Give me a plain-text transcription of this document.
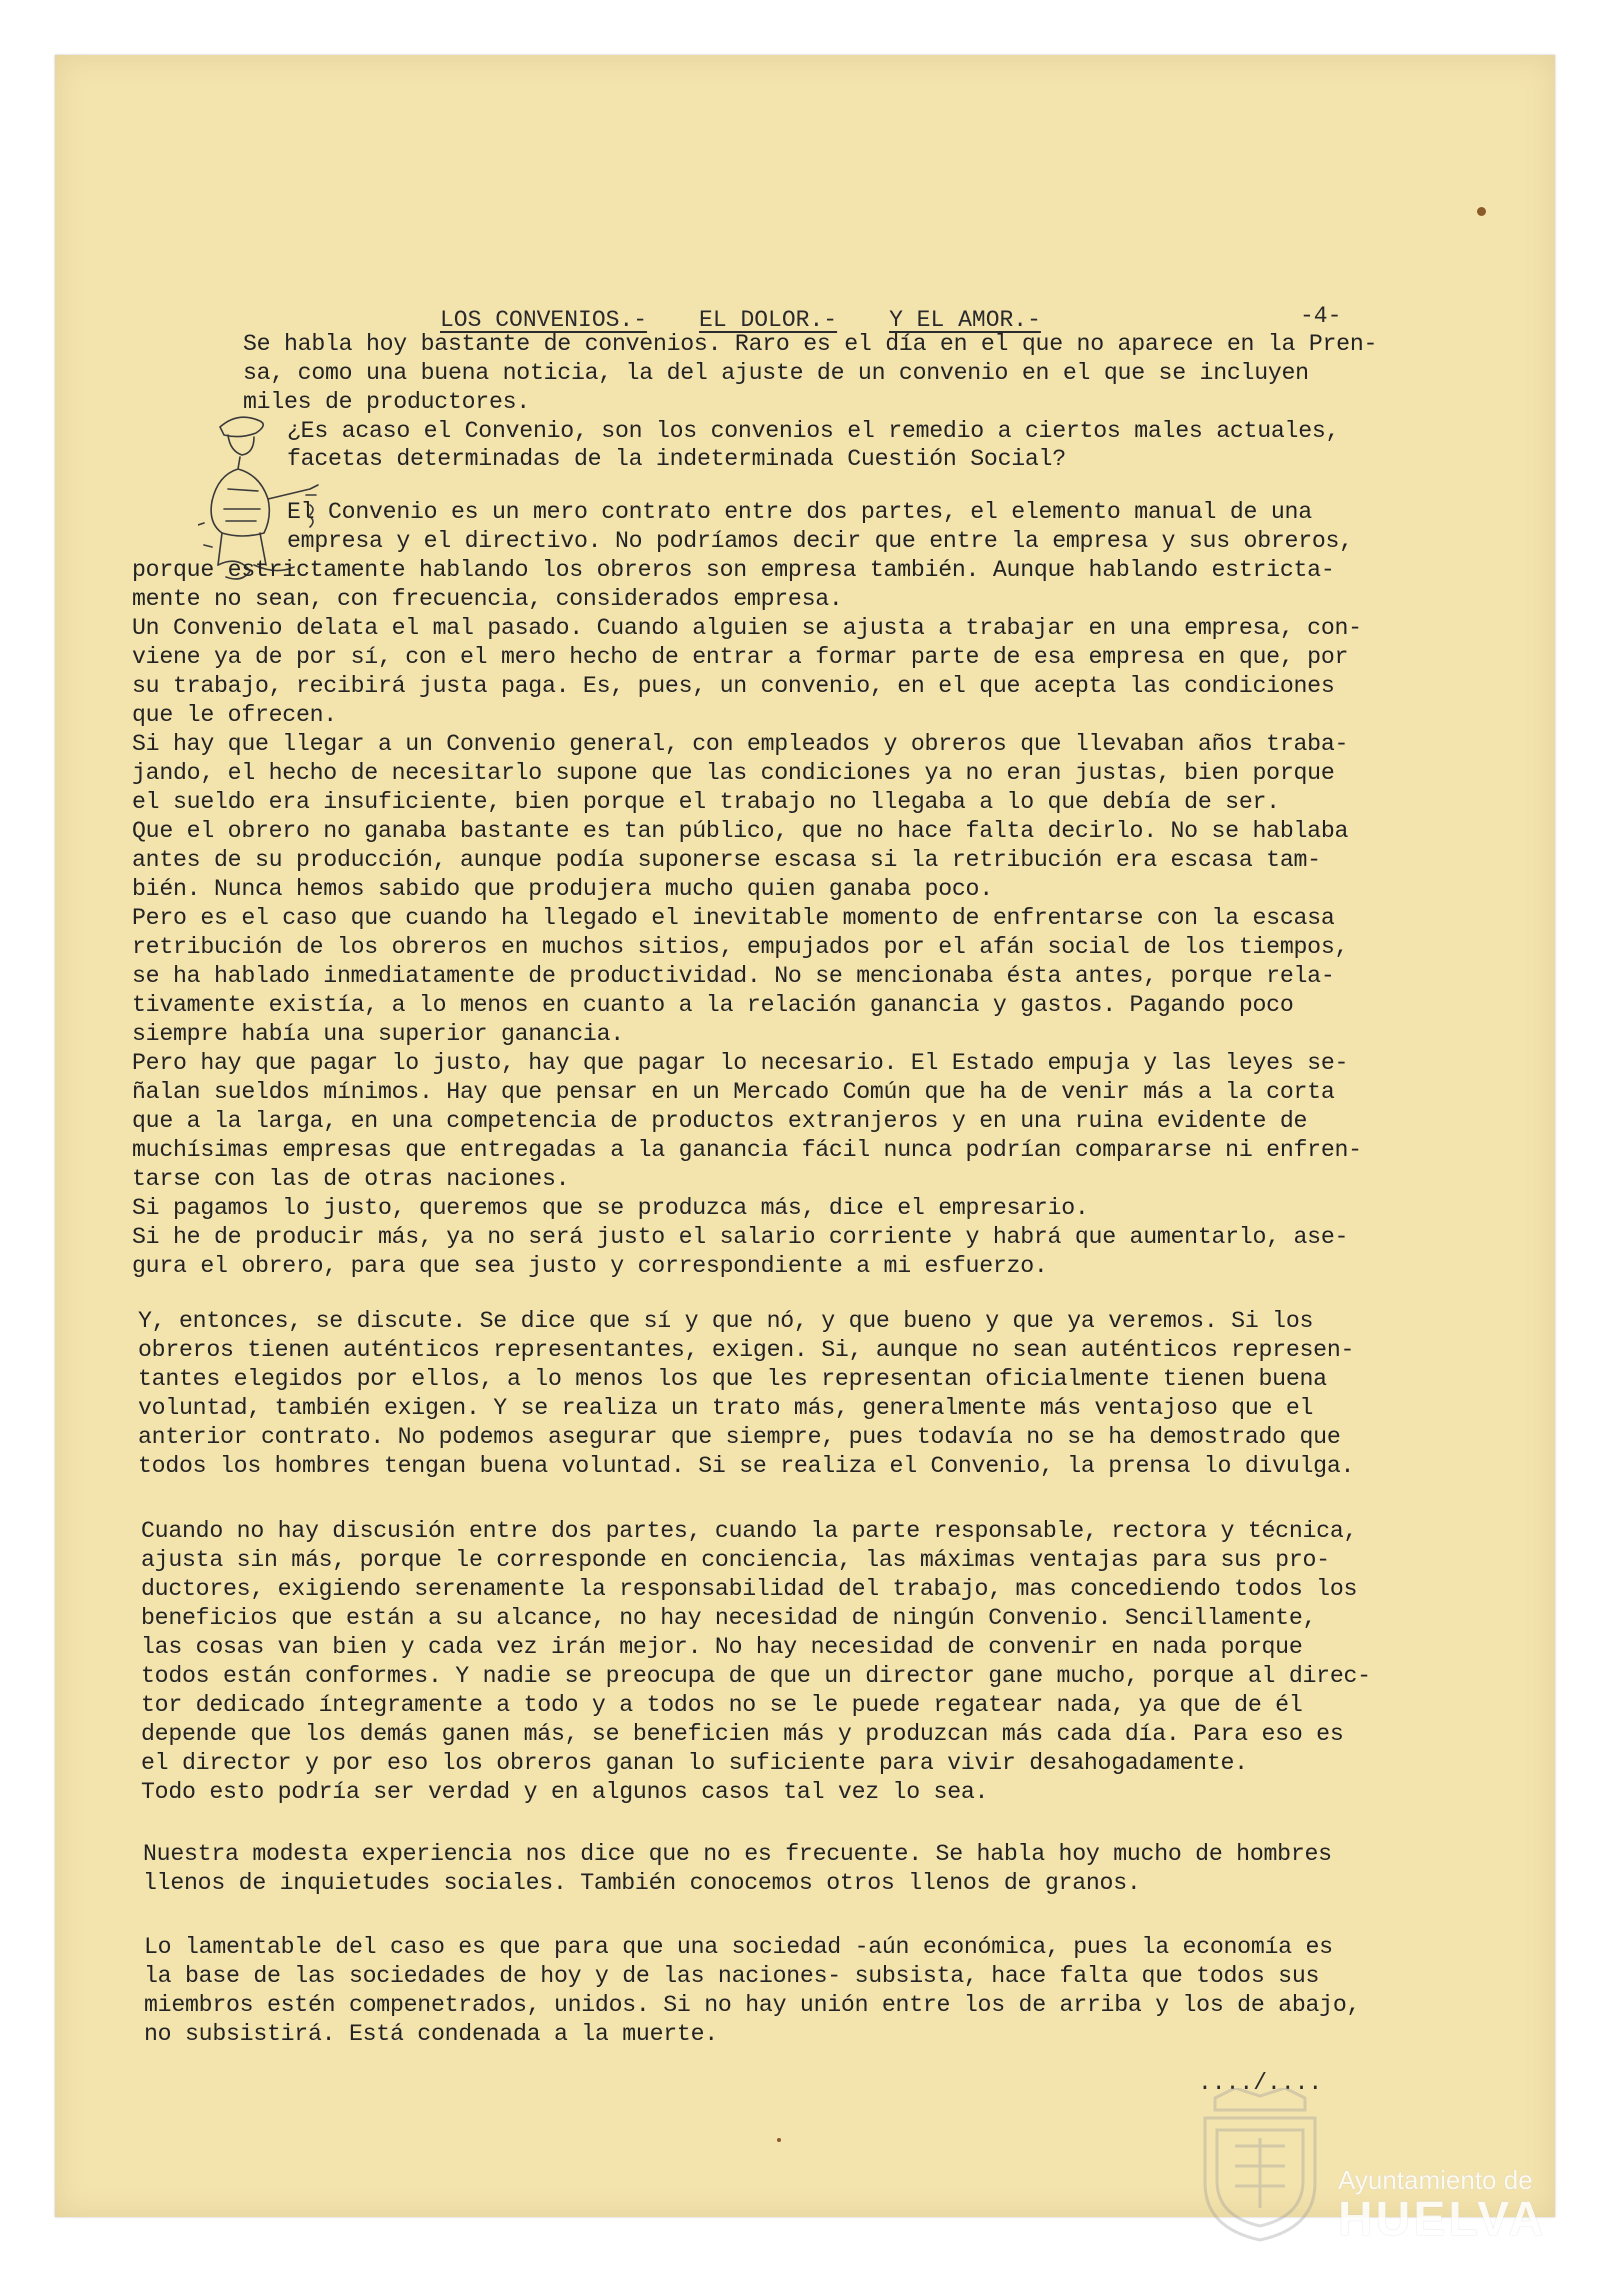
LOS CONVENIOS.- EL DOLOR.- Y EL AMOR.-	-4-
Se habla hoy bastante de convenios. Raro es el día en el que no aparece en la Pren-
sa, como una buena noticia, la del ajuste de un convenio en el que se incluyen
miles de productores.
¿Es acaso el Convenio, son los convenios el remedio a ciertos males actuales,
facetas determinadas de la indeterminada Cuestión Social?
El Convenio es un mero contrato entre dos partes, el elemento manual de una
empresa y el directivo. No podríamos decir que entre la empresa y sus obreros,
porque estrictamente hablando los obreros son empresa también. Aunque hablando estricta-
mente no sean, con frecuencia, considerados empresa.
Un Convenio delata el mal pasado. Cuando alguien se ajusta a trabajar en una empresa, con-
viene ya de por sí, con el mero hecho de entrar a formar parte de esa empresa en que, por
su trabajo, recibirá justa paga. Es, pues, un convenio, en el que acepta las condiciones
que le ofrecen.
Si hay que llegar a un Convenio general, con empleados y obreros que llevaban años traba-
jando, el hecho de necesitarlo supone que las condiciones ya no eran justas, bien porque
el sueldo era insuficiente, bien porque el trabajo no llegaba a lo que debía de ser.
Que el obrero no ganaba bastante es tan público, que no hace falta decirlo. No se hablaba
antes de su producción, aunque podía suponerse escasa si la retribución era escasa tam-
bién. Nunca hemos sabido que produjera mucho quien ganaba poco.
Pero es el caso que cuando ha llegado el inevitable momento de enfrentarse con la escasa
retribución de los obreros en muchos sitios, empujados por el afán social de los tiempos,
se ha hablado inmediatamente de productividad. No se mencionaba ésta antes, porque rela-
tivamente existía, a lo menos en cuanto a la relación ganancia y gastos. Pagando poco
siempre había una superior ganancia.
Pero hay que pagar lo justo, hay que pagar lo necesario. El Estado empuja y las leyes se-
ñalan sueldos mínimos. Hay que pensar en un Mercado Común que ha de venir más a la corta
que a la larga, en una competencia de productos extranjeros y en una ruina evidente de
muchísimas empresas que entregadas a la ganancia fácil nunca podrían compararse ni enfren-
tarse con las de otras naciones.
Si pagamos lo justo, queremos que se produzca más, dice el empresario.
Si he de producir más, ya no será justo el salario corriente y habrá que aumentarlo, ase-
gura el obrero, para que sea justo y correspondiente a mi esfuerzo.
Y, entonces, se discute. Se dice que sí y que nó, y que bueno y que ya veremos. Si los
obreros tienen auténticos representantes, exigen. Si, aunque no sean auténticos represen-
tantes elegidos por ellos, a lo menos los que les representan oficialmente tienen buena
voluntad, también exigen. Y se realiza un trato más, generalmente más ventajoso que el
anterior contrato. No podemos asegurar que siempre, pues todavía no se ha demostrado que
todos los hombres tengan buena voluntad. Si se realiza el Convenio, la prensa lo divulga.
Cuando no hay discusión entre dos partes, cuando la parte responsable, rectora y técnica,
ajusta sin más, porque le corresponde en conciencia, las máximas ventajas para sus pro-
ductores, exigiendo serenamente la responsabilidad del trabajo, mas concediendo todos los
beneficios que están a su alcance, no hay necesidad de ningún Convenio. Sencillamente,
las cosas van bien y cada vez irán mejor. No hay necesidad de convenir en nada porque
todos están conformes. Y nadie se preocupa de que un director gane mucho, porque al direc-
tor dedicado íntegramente a todo y a todos no se le puede regatear nada, ya que de él
depende que los demás ganen más, se beneficien más y produzcan más cada día. Para eso es
el director y por eso los obreros ganan lo suficiente para vivir desahogadamente.
Todo esto podría ser verdad y en algunos casos tal vez lo sea.
Nuestra modesta experiencia nos dice que no es frecuente. Se habla hoy mucho de hombres
llenos de inquietudes sociales. También conocemos otros llenos de granos.
Lo lamentable del caso es que para que una sociedad -aún económica, pues la economía es
la base de las sociedades de hoy y de las naciones- subsista, hace falta que todos sus
miembros estén compenetrados, unidos. Si no hay unión entre los de arriba y los de abajo,
no subsistirá. Está condenada a la muerte.
..../....
Ayuntamiento de
HUELVA
